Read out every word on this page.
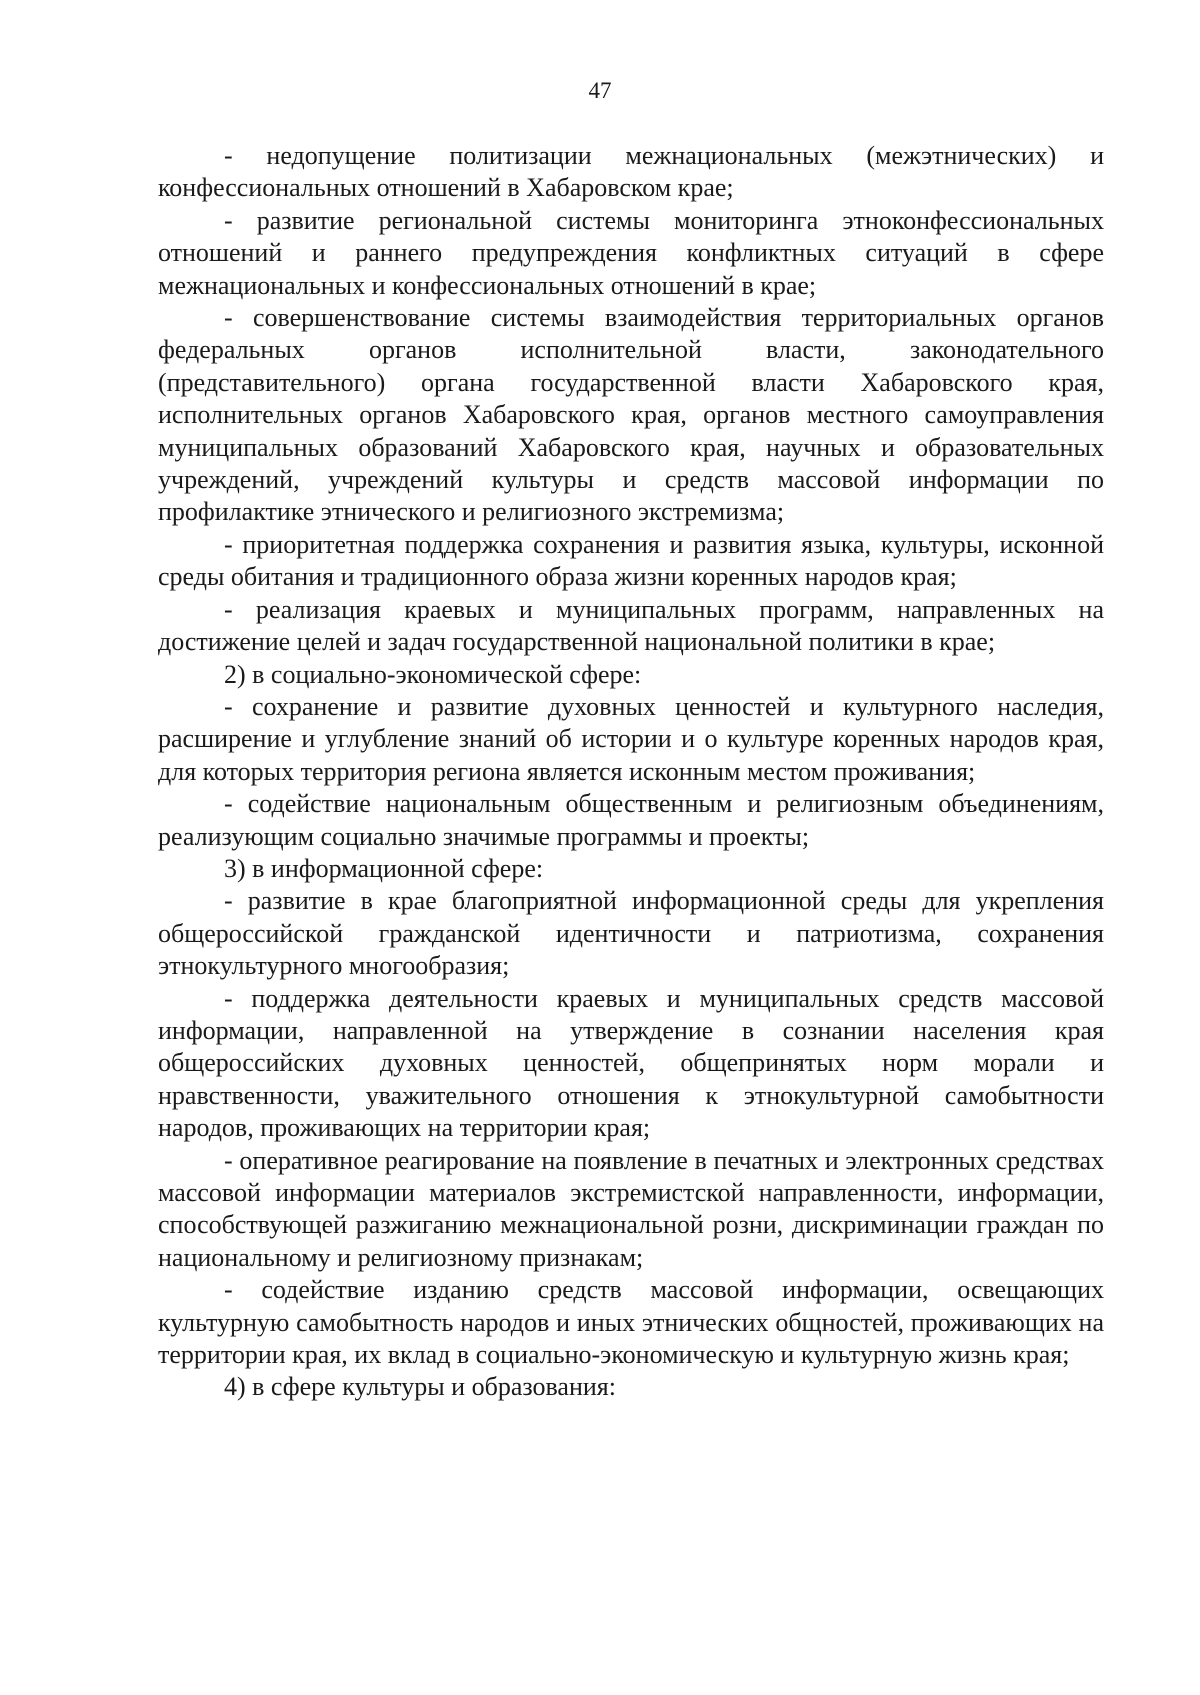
47

- недопущение политизации межнациональных (межэтнических) и конфессиональных отношений в Хабаровском крае;

- развитие региональной системы мониторинга этноконфессиональных отношений и раннего предупреждения конфликтных ситуаций в сфере межнациональных и конфессиональных отношений в крае;

- совершенствование системы взаимодействия территориальных органов федеральных органов исполнительной власти, законодательного (представительного) органа государственной власти Хабаровского края, исполнительных органов Хабаровского края, органов местного самоуправления муниципальных образований Хабаровского края, научных и образовательных учреждений, учреждений культуры и средств массовой информации по профилактике этнического и религиозного экстремизма;

- приоритетная поддержка сохранения и развития языка, культуры, исконной среды обитания и традиционного образа жизни коренных народов края;

- реализация краевых и муниципальных программ, направленных на достижение целей и задач государственной национальной политики в крае;

2) в социально-экономической сфере:

- сохранение и развитие духовных ценностей и культурного наследия, расширение и углубление знаний об истории и о культуре коренных народов края, для которых территория региона является исконным местом проживания;

- содействие национальным общественным и религиозным объединениям, реализующим социально значимые программы и проекты;

3) в информационной сфере:

- развитие в крае благоприятной информационной среды для укрепления общероссийской гражданской идентичности и патриотизма, сохранения этнокультурного многообразия;

- поддержка деятельности краевых и муниципальных средств массовой информации, направленной на утверждение в сознании населения края общероссийских духовных ценностей, общепринятых норм морали и нравственности, уважительного отношения к этнокультурной самобытности народов, проживающих на территории края;

- оперативное реагирование на появление в печатных и электронных средствах массовой информации материалов экстремистской направленности, информации, способствующей разжиганию межнациональной розни, дискриминации граждан по национальному и религиозному признакам;

- содействие изданию средств массовой информации, освещающих культурную самобытность народов и иных этнических общностей, проживающих на территории края, их вклад в социально-экономическую и культурную жизнь края;

4) в сфере культуры и образования:
